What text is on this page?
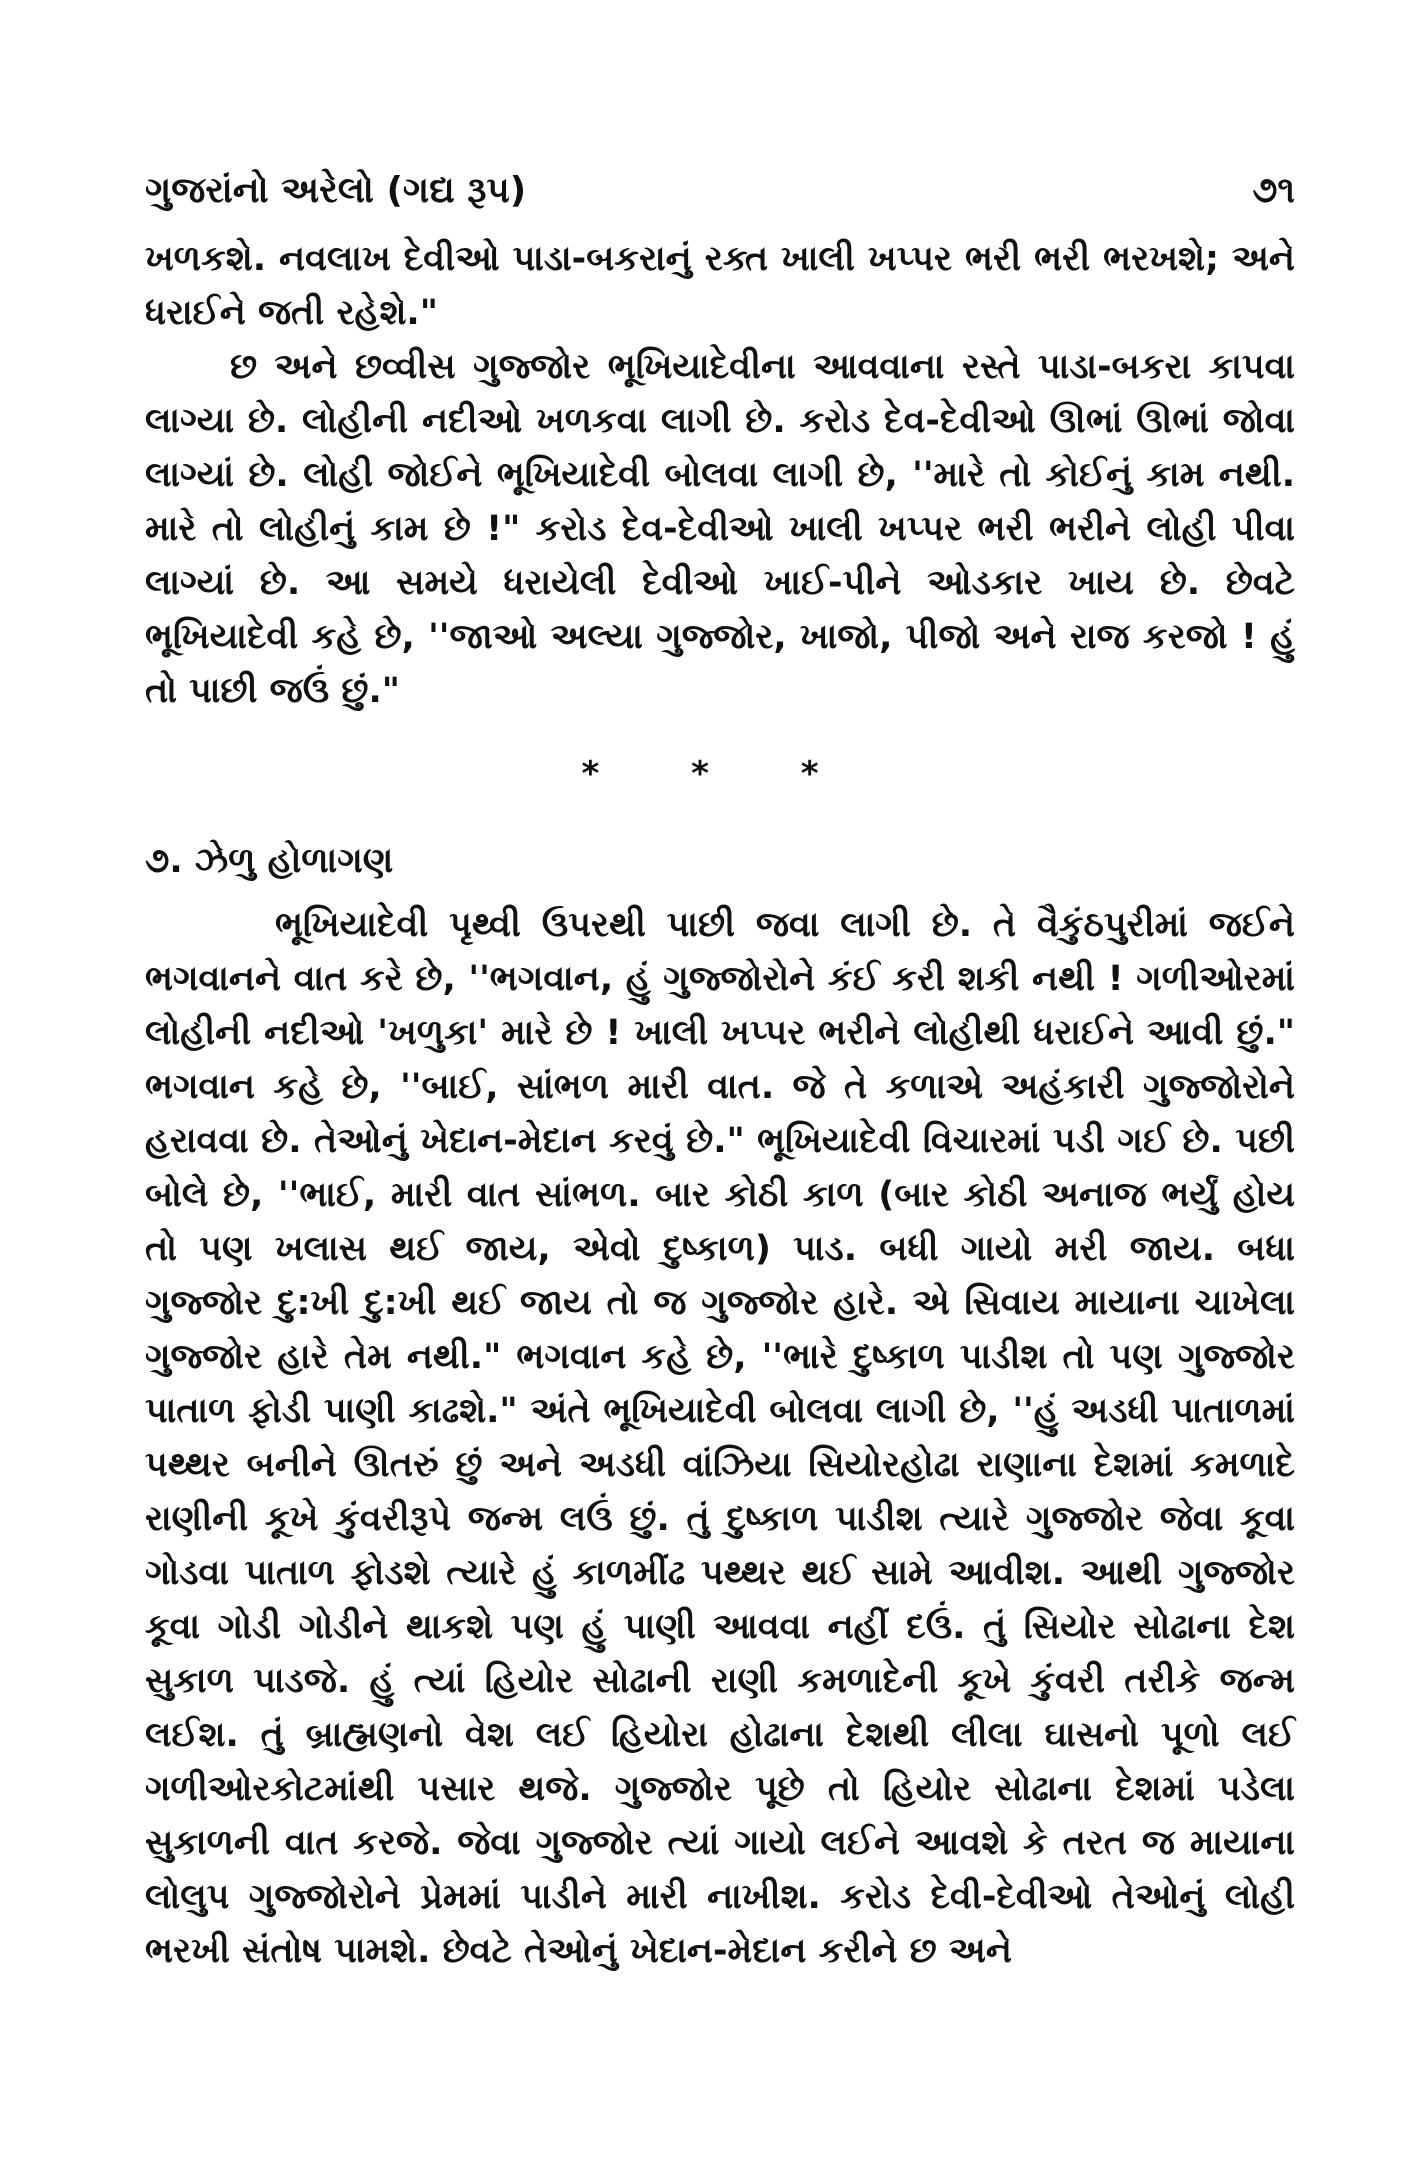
ગુજરાંનો અરેલો (ગદ્ય રૂપ)	૭૧

ખળકશે. નવલાખ દેવીઓ પાડા-બકરાનું રક્ત ખાલી ખપ્પર ભરી ભરી ભરખશે; અને ધરાઈને જતી રહેશે."

છ અને છવ્વીસ ગુજ્જોર ભૂખિયાદેવીના આવવાના રસ્તે પાડા-બકરા કાપવા લાગ્યા છે. લોહીની નદીઓ ખળકવા લાગી છે. કરોડ દેવ-દેવીઓ ઊભાં ઊભાં જોવા લાગ્યાં છે. લોહી જોઈને ભૂખિયાદેવી બોલવા લાગી છે, ''મારે તો કોઈનું કામ નથી. મારે તો લોહીનું કામ છે !" કરોડ દેવ-દેવીઓ ખાલી ખપ્પર ભરી ભરીને લોહી પીવા લાગ્યાં છે. આ સમયે ધરાયેલી દેવીઓ ખાઈ-પીને ઓડકાર ખાય છે. છેવટે ભૂખિયાદેવી કહે છે, ''જાઓ અલ્યા ગુજ્જોર, ખાજો, પીજો અને રાજ કરજો ! હું તો પાછી જઉં છું."

* * *
૭. ઝેળુ હોળાગણ

ભૂખિયાદેવી પૃથ્વી ઉપરથી પાછી જવા લાગી છે. તે વૈકુંઠપુરીમાં જઈને ભગવાનને વાત કરે છે, ''ભગવાન, હું ગુજ્જોરોને કંઈ કરી શકી નથી ! ગળીઓરમાં લોહીની નદીઓ 'ખળુકા' મારે છે ! ખાલી ખપ્પર ભરીને લોહીથી ધરાઈને આવી છું." ભગવાન કહે છે, ''બાઈ, સાંભળ મારી વાત. જે તે કળાએ અહંકારી ગુજ્જોરોને હરાવવા છે. તેઓનું ખેદાન-મેદાન કરવું છે." ભૂખિયાદેવી વિચારમાં પડી ગઈ છે. પછી બોલે છે, ''ભાઈ, મારી વાત સાંભળ. બાર કોઠી કાળ (બાર કોઠી અનાજ ભર્યું હોય તો પણ ખલાસ થઈ જાય, એવો દુષ્કાળ) પાડ. બધી ગાયો મરી જાય. બધા ગુજ્જોર દુ:ખી દુ:ખી થઈ જાય તો જ ગુજ્જોર હારે. એ સિવાય માયાના ચાખેલા ગુજ્જોર હારે તેમ નથી." ભગવાન કહે છે, ''ભારે દુષ્કાળ પાડીશ તો પણ ગુજ્જોર પાતાળ ફોડી પાણી કાઢશે." અંતે ભૂખિયાદેવી બોલવા લાગી છે, ''હું અડધી પાતાળમાં પથ્થર બનીને ઊતરું છું અને અડધી વાંઝિયા સિયોરહોઢા રાણાના દેશમાં કમળાદે રાણીની કૂખે કુંવરીરૂપે જન્મ લઉં છું. તું દુષ્કાળ પાડીશ ત્યારે ગુજ્જોર જેવા કૂવા ગોડવા પાતાળ ફોડશે ત્યારે હું કાળમીંઢ પથ્થર થઈ સામે આવીશ. આથી ગુજ્જોર કૂવા ગોડી ગોડીને થાકશે પણ હું પાણી આવવા નહીં દઉં. તું સિયોર સોઢાના દેશ સુકાળ પાડજે. હું ત્યાં હિયોર સોઢાની રાણી કમળાદેની કૂખે કુંવરી તરીકે જન્મ લઈશ. તું બ્રાહ્મણનો વેશ લઈ હિયોરા હોઢાના દેશથી લીલા ઘાસનો પૂળો લઈ ગળીઓરકોટમાંથી પસાર થજે. ગુજ્જોર પૂછે તો હિયોર સોઢાના દેશમાં પડેલા સુકાળની વાત કરજે. જેવા ગુજ્જોર ત્યાં ગાયો લઈને આવશે કે તરત જ માયાના લોલુપ ગુજ્જોરોને પ્રેમમાં પાડીને મારી નાખીશ. કરોડ દેવી-દેવીઓ તેઓનું લોહી ભરખી સંતોષ પામશે. છેવટે તેઓનું ખેદાન-મેદાન કરીને છ અને
